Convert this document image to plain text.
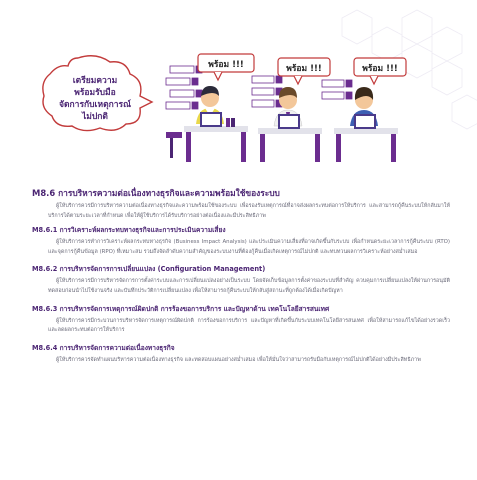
เตรียมความ
พร้อมรับมือ
จัดการกับเหตุการณ์
ไม่ปกติ
พร้อม !!!	พร้อม !!!	พร้อม !!!
M8.6 การบริหารความต่อเนื่องทางธุรกิจและความพร้อมใช้ของระบบ

ผู้ให้บริการควรมีการบริหารความต่อเนื่องทางธุรกิจและความพร้อมใช้ของระบบ เพื่อรองรับเหตุการณ์ที่อาจส่งผลกระทบต่อการให้บริการ และสามารถกู้คืนระบบให้กลับมาให้บริการได้ตามระยะเวลาที่กำหนด เพื่อให้ผู้ใช้บริการได้รับบริการอย่างต่อเนื่องและมีประสิทธิภาพ

M8.6.1 การวิเคราะห์ผลกระทบทางธุรกิจและการประเมินความเสี่ยง

ผู้ให้บริการควรทำการวิเคราะห์ผลกระทบทางธุรกิจ (Business Impact Analysis) และประเมินความเสี่ยงที่อาจเกิดขึ้นกับระบบ เพื่อกำหนดระยะเวลาการกู้คืนระบบ (RTO) และจุดการกู้คืนข้อมูล (RPO) ที่เหมาะสม รวมถึงจัดลำดับความสำคัญของระบบงานที่ต้องกู้คืนเมื่อเกิดเหตุการณ์ไม่ปกติ และทบทวนผลการวิเคราะห์อย่างสม่ำเสมอ

M8.6.2 การบริหารจัดการการเปลี่ยนแปลง (Configuration Management)

ผู้ให้บริการควรมีการบริหารจัดการการตั้งค่าระบบและการเปลี่ยนแปลงอย่างเป็นระบบ โดยจัดเก็บข้อมูลการตั้งค่าของระบบที่สำคัญ ควบคุมการเปลี่ยนแปลงให้ผ่านการอนุมัติ ทดสอบก่อนนำไปใช้งานจริง และบันทึกประวัติการเปลี่ยนแปลง เพื่อให้สามารถกู้คืนระบบให้กลับสู่สถานะที่ถูกต้องได้เมื่อเกิดปัญหา

M8.6.3 การบริหารจัดการเหตุการณ์ผิดปกติ การร้องขอการบริการ และปัญหาด้าน เทคโนโลยีสารสนเทศ

ผู้ให้บริการควรมีกระบวนการบริหารจัดการเหตุการณ์ผิดปกติ การร้องขอการบริการ และปัญหาที่เกิดขึ้นกับระบบเทคโนโลยีสารสนเทศ เพื่อให้สามารถแก้ไขได้อย่างรวดเร็วและลดผลกระทบต่อการให้บริการ

M8.6.4 การบริหารจัดการความต่อเนื่องทางธุรกิจ

ผู้ให้บริการควรจัดทำแผนบริหารความต่อเนื่องทางธุรกิจ และทดสอบแผนอย่างสม่ำเสมอ เพื่อให้มั่นใจว่าสามารถรับมือกับเหตุการณ์ไม่ปกติได้อย่างมีประสิทธิภาพ
